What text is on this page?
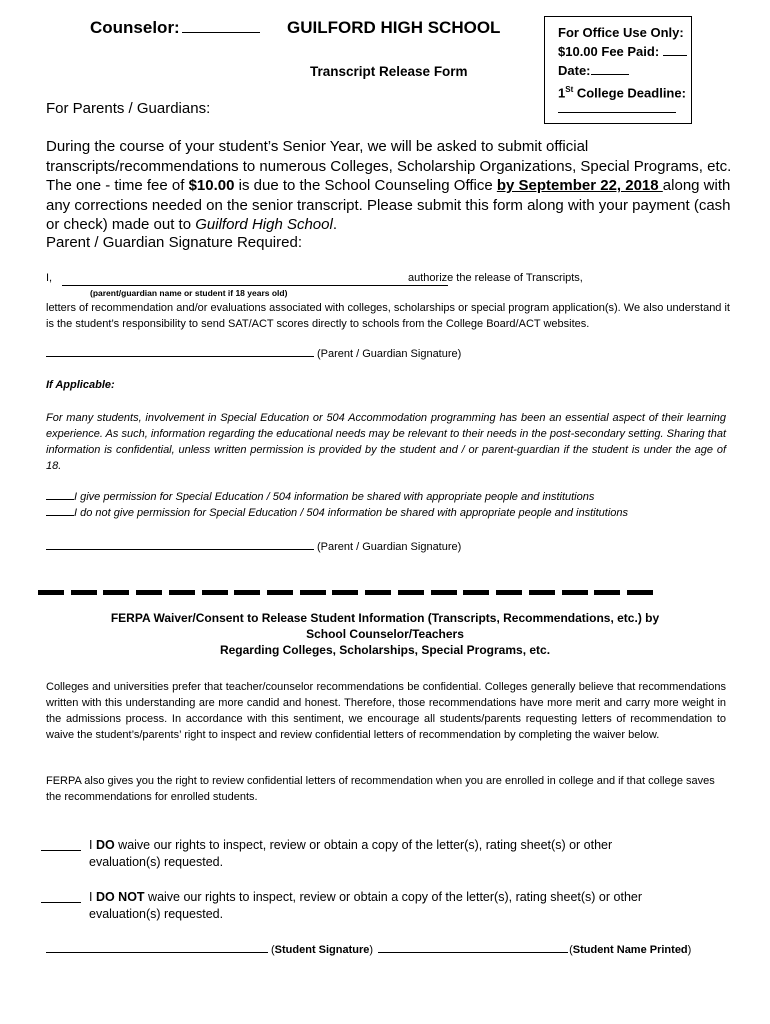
Counselor:	GUILFORD HIGH SCHOOL
Transcript Release Form
For Office Use Only:
$10.00 Fee Paid:
Date:
1St College Deadline:
For Parents / Guardians:
During the course of your student’s Senior Year, we will be asked to submit official transcripts/recommendations to numerous Colleges, Scholarship Organizations, Special Programs, etc. The one - time fee of $10.00 is due to the School Counseling Office by September 22, 2018 along with any corrections needed on the senior transcript. Please submit this form along with your payment (cash or check) made out to Guilford High School.
Parent / Guardian Signature Required:
I,	authorize the release of Transcripts,
(parent/guardian name or student if 18 years old)
letters of recommendation and/or evaluations associated with colleges, scholarships or special program application(s). We also understand it is the student’s responsibility to send SAT/ACT scores directly to schools from the College Board/ACT websites.
(Parent / Guardian Signature)
If Applicable:
For many students, involvement in Special Education or 504 Accommodation programming has been an essential aspect of their learning experience. As such, information regarding the educational needs may be relevant to their needs in the post-secondary setting. Sharing that information is confidential, unless written permission is provided by the student and / or parent-guardian if the student is under the age of 18.
I give permission for Special Education / 504 information be shared with appropriate people and institutions
I do not give permission for Special Education / 504 information be shared with appropriate people and institutions
(Parent / Guardian Signature)
FERPA Waiver/Consent to Release Student Information (Transcripts, Recommendations, etc.) by
School Counselor/Teachers
Regarding Colleges, Scholarships, Special Programs, etc.
Colleges and universities prefer that teacher/counselor recommendations be confidential. Colleges generally believe that recommendations written with this understanding are more candid and honest. Therefore, those recommendations have more merit and carry more weight in the admissions process. In accordance with this sentiment, we encourage all students/parents requesting letters of recommendation to waive the student’s/parents’ right to inspect and review confidential letters of recommendation by completing the waiver below.
FERPA also gives you the right to review confidential letters of recommendation when you are enrolled in college and if that college saves the recommendations for enrolled students.
I DO waive our rights to inspect, review or obtain a copy of the letter(s), rating sheet(s) or other evaluation(s) requested.
I DO NOT waive our rights to inspect, review or obtain a copy of the letter(s), rating sheet(s) or other evaluation(s) requested.
(Student Signature)	(Student Name Printed)
